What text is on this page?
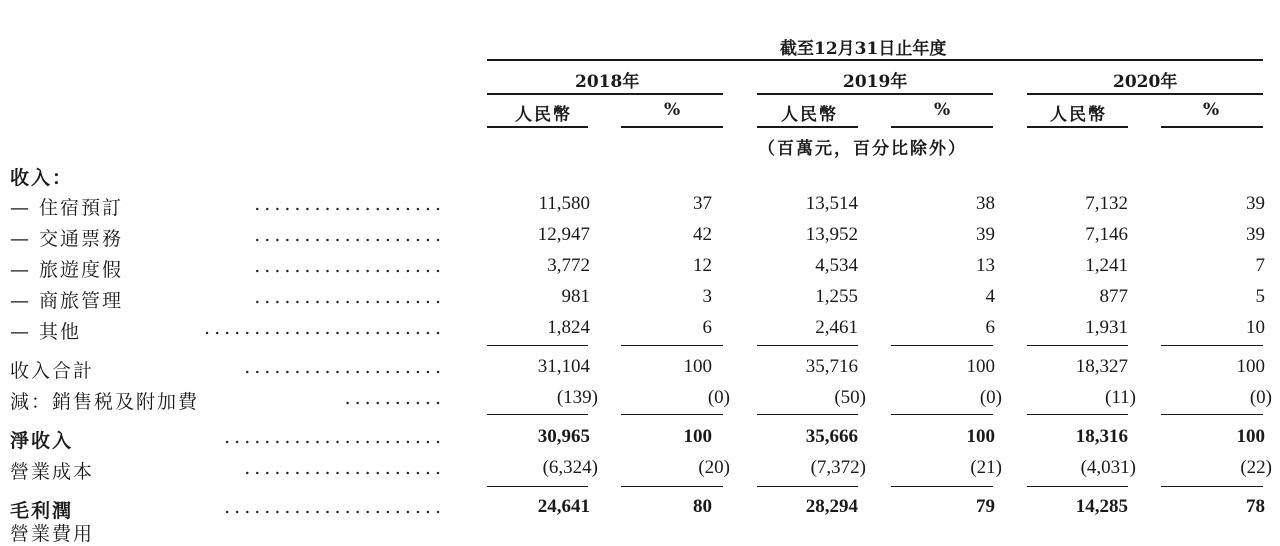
截至12月31日止年度
2018年	2019年	2020年
人民幣	%	人民幣	%	人民幣	%
（百萬元，百分比除外）
收入：
— 住宿預訂	...................	11,580	37	13,514	38	7,132	39
— 交通票務	...................	12,947	42	13,952	39	7,146	39
— 旅遊度假	...................	3,772	12	4,534	13	1,241	7
— 商旅管理	...................	981	3	1,255	4	877	5
— 其他	........................	1,824	6	2,461	6	1,931	10
收入合計	....................	31,104	100	35,716	100	18,327	100
減：銷售税及附加費	..........	(139)	(0)	(50)	(0)	(11)	(0)
淨收入	......................	30,965	100	35,666	100	18,316	100
營業成本	....................	(6,324)	(20)	(7,372)	(21)	(4,031)	(22)
毛利潤	......................	24,641	80	28,294	79	14,285	78
營業費用
